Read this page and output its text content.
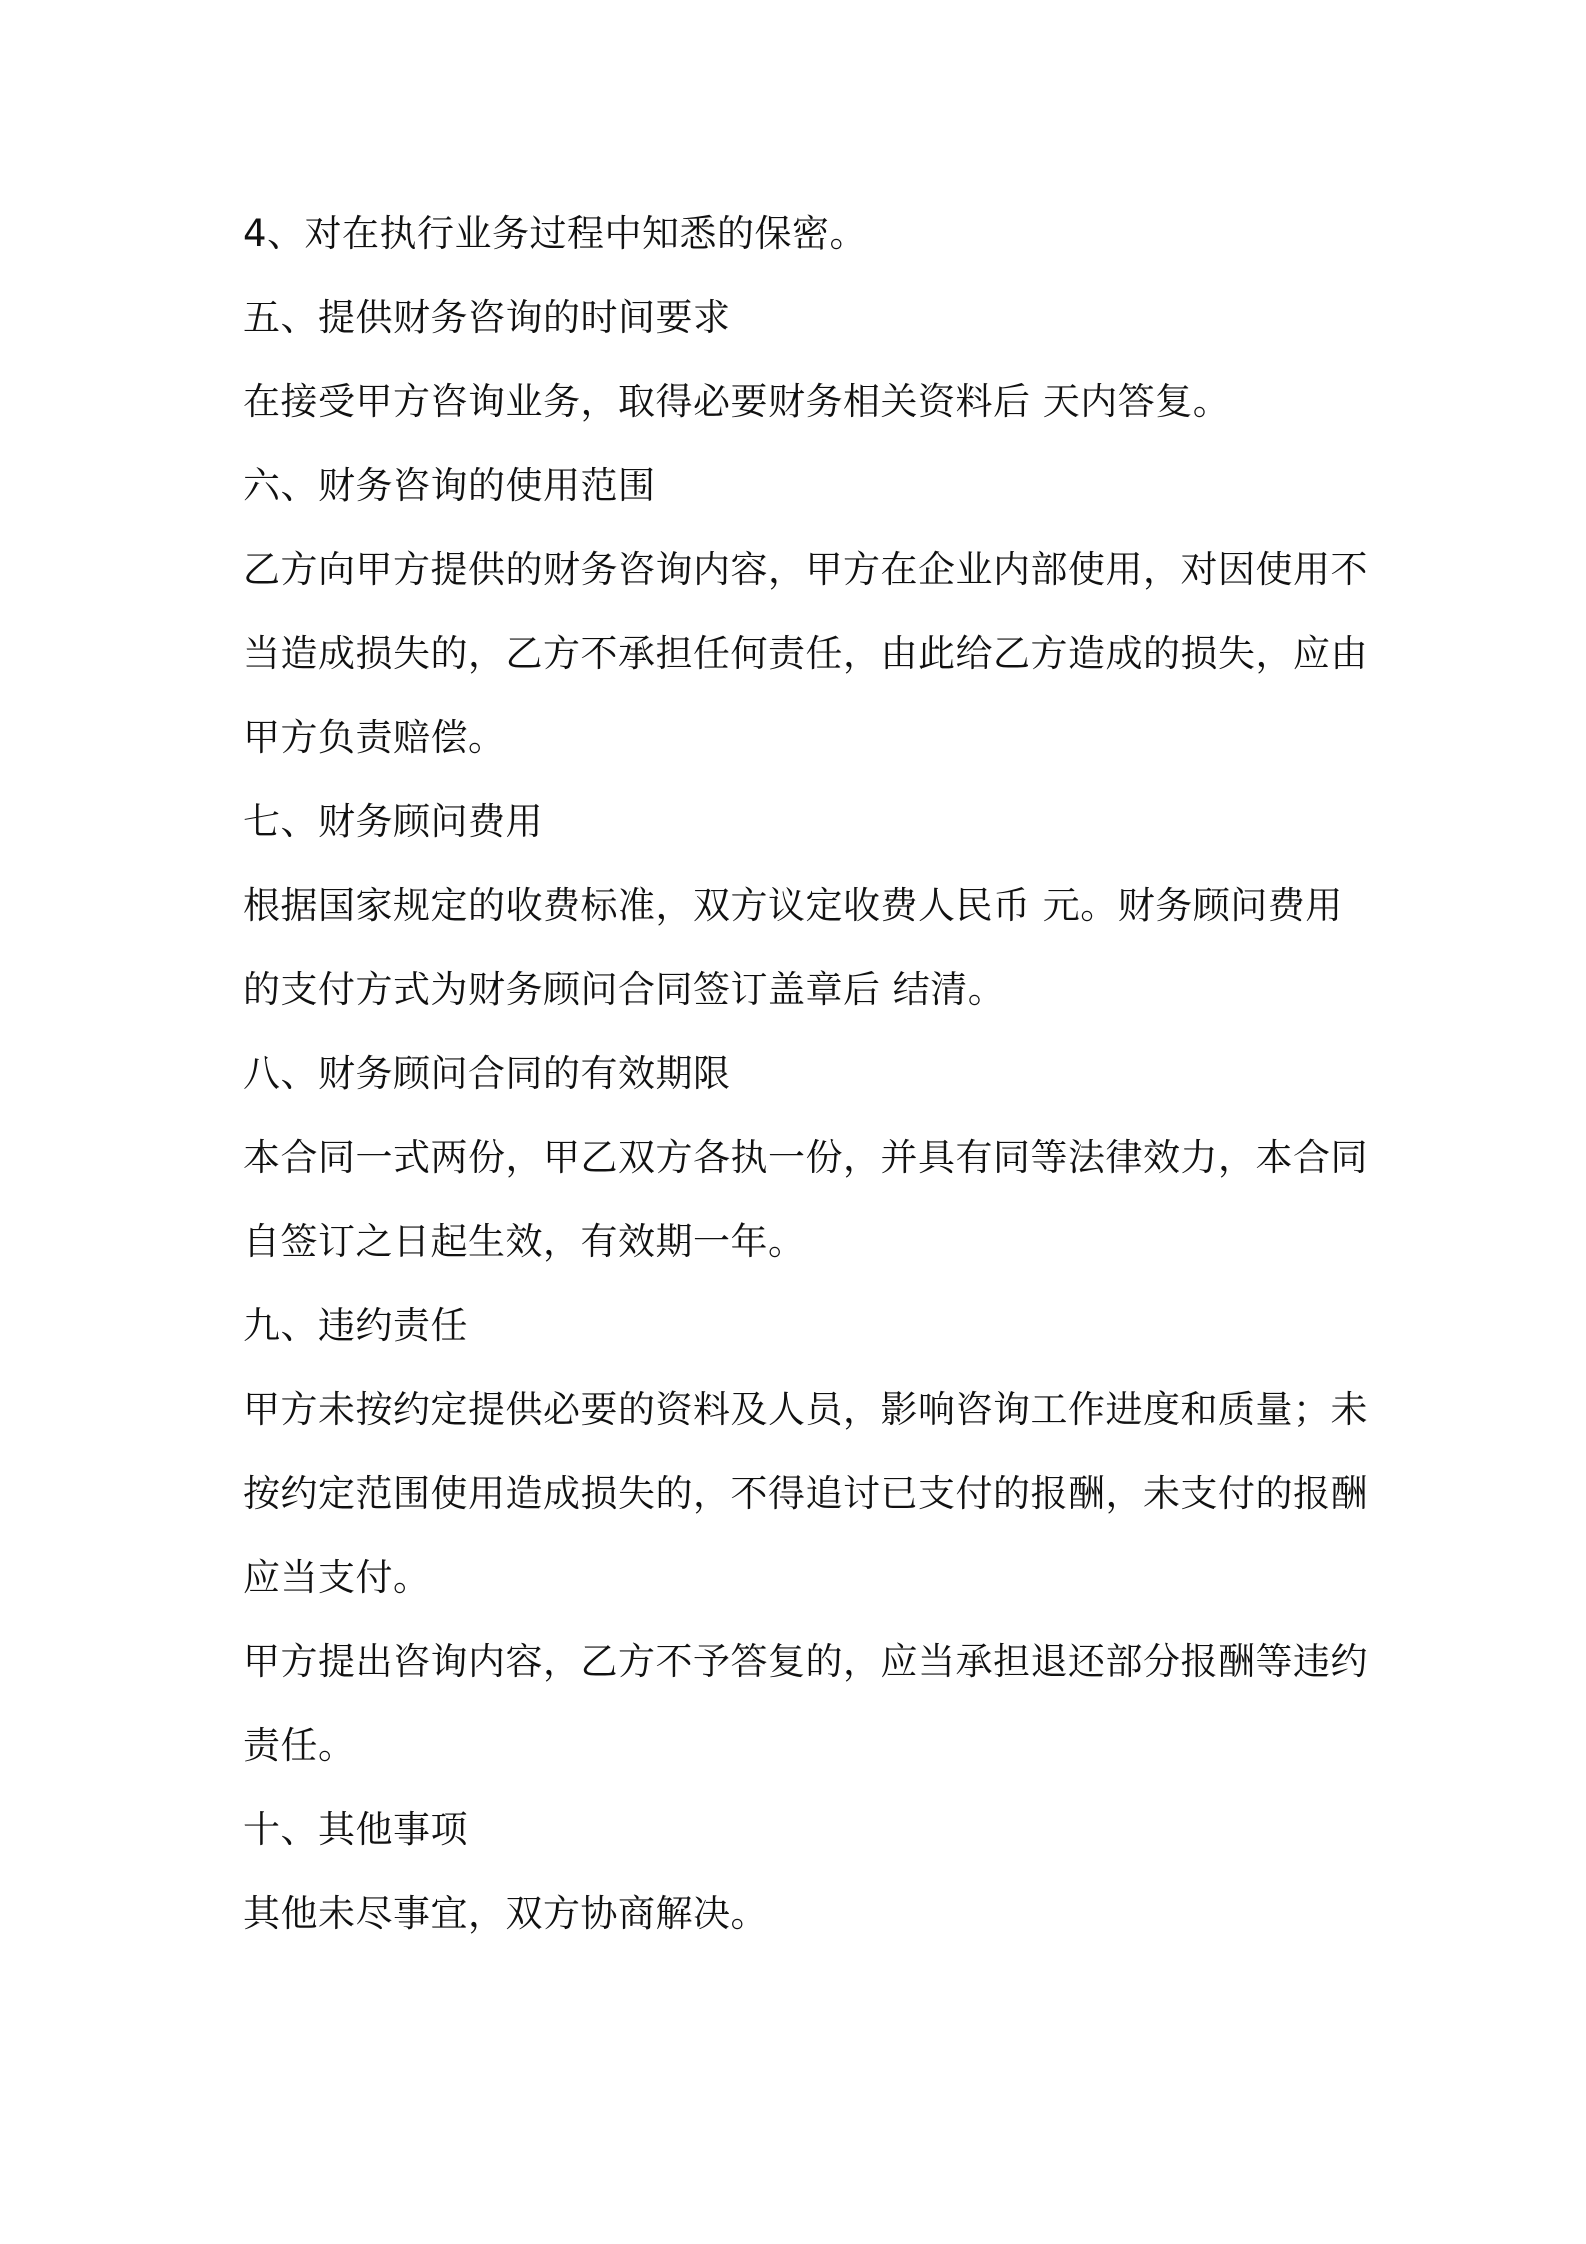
4、对在执行业务过程中知悉的保密。
五、提供财务咨询的时间要求
在接受甲方咨询业务，取得必要财务相关资料后 天内答复。
六、财务咨询的使用范围
乙方向甲方提供的财务咨询内容，甲方在企业内部使用，对因使用不
当造成损失的，乙方不承担任何责任，由此给乙方造成的损失，应由
甲方负责赔偿。
七、财务顾问费用
根据国家规定的收费标准，双方议定收费人民币 元。财务顾问费用
的支付方式为财务顾问合同签订盖章后 结清。
八、财务顾问合同的有效期限
本合同一式两份，甲乙双方各执一份，并具有同等法律效力，本合同
自签订之日起生效，有效期一年。
九、违约责任
甲方未按约定提供必要的资料及人员，影响咨询工作进度和质量；未
按约定范围使用造成损失的，不得追讨已支付的报酬，未支付的报酬
应当支付。
甲方提出咨询内容，乙方不予答复的，应当承担退还部分报酬等违约
责任。
十、其他事项
其他未尽事宜，双方协商解决。
